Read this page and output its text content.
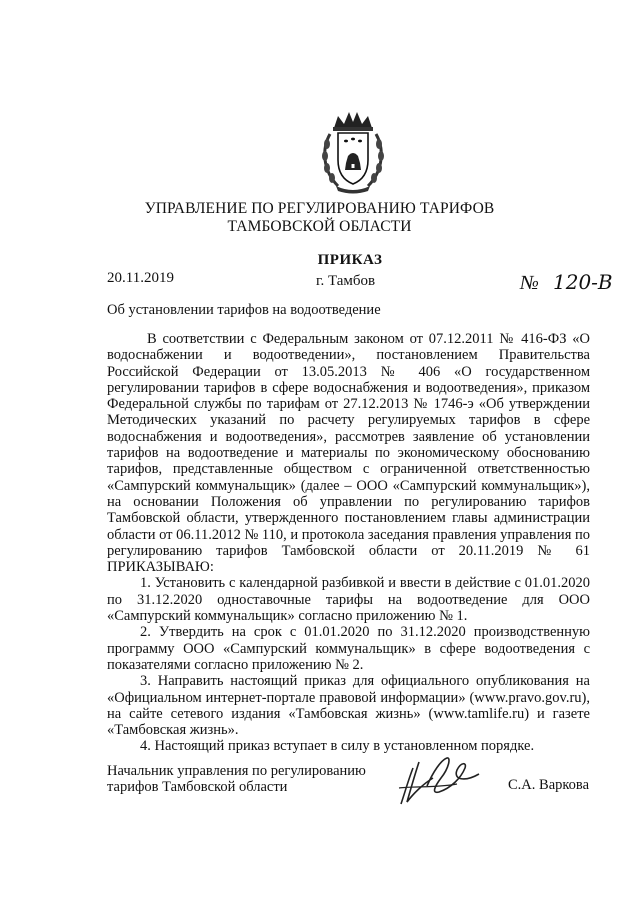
УПРАВЛЕНИЕ ПО РЕГУЛИРОВАНИЮ ТАРИФОВ
ТАМБОВСКОЙ ОБЛАСТИ
ПРИКАЗ
20.11.2019	г. Тамбов	№ 120-В
Об установлении тарифов на водоотведение

В соответствии с Федеральным законом от 07.12.2011 № 416-ФЗ «О водоснабжении и водоотведении», постановлением Правительства Российской Федерации от 13.05.2013 № 406 «О государственном регулировании тарифов в сфере водоснабжения и водоотведения», приказом Федеральной службы по тарифам от 27.12.2013 № 1746-э «Об утверждении Методических указаний по расчету регулируемых тарифов в сфере водоснабжения и водоотведения», рассмотрев заявление об установлении тарифов на водоотведение и материалы по экономическому обоснованию тарифов, представленные обществом с ограниченной ответственностью «Сампурский коммунальщик» (далее – ООО «Сампурский коммунальщик»), на основании Положения об управлении по регулированию тарифов Тамбовской области, утвержденного постановлением главы администрации области от 06.11.2012 № 110, и протокола заседания правления управления по регулированию тарифов Тамбовской области от 20.11.2019 № 61 ПРИКАЗЫВАЮ:

1. Установить с календарной разбивкой и ввести в действие с 01.01.2020 по 31.12.2020 одноставочные тарифы на водоотведение для ООО «Сампурский коммунальщик» согласно приложению № 1.

2. Утвердить на срок с 01.01.2020 по 31.12.2020 производственную программу ООО «Сампурский коммунальщик» в сфере водоотведения с показателями согласно приложению № 2.

3. Направить настоящий приказ для официального опубликования на «Официальном интернет-портале правовой информации» (www.pravo.gov.ru), на сайте сетевого издания «Тамбовская жизнь» (www.tamlife.ru) и газете «Тамбовская жизнь».

4. Настоящий приказ вступает в силу в установленном порядке.

Начальник управления по регулированию
тарифов Тамбовской области	С.А. Варкова
